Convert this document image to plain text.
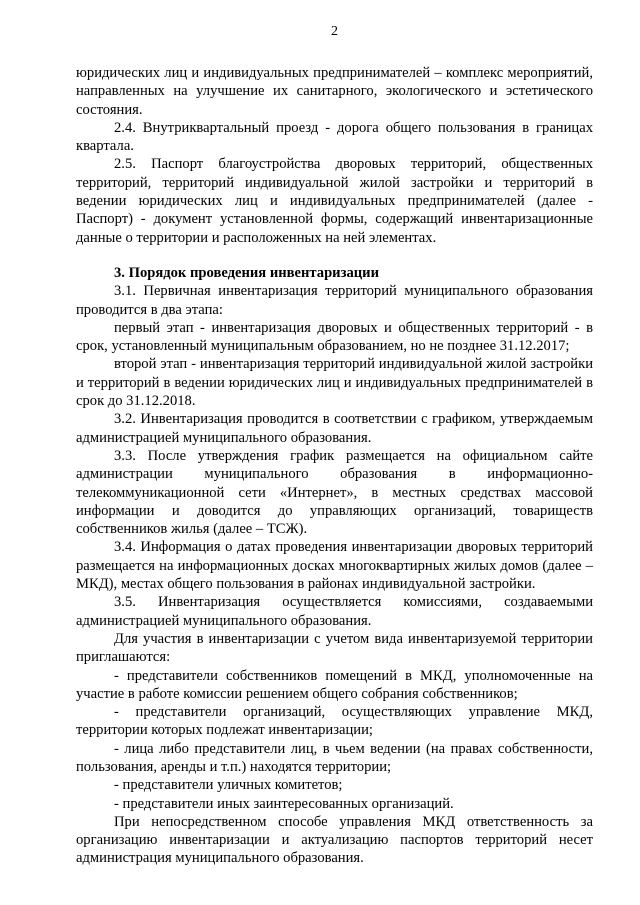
2

юридических лиц и индивидуальных предпринимателей – комплекс мероприятий, направленных на улучшение их санитарного, экологического и эстетического состояния.

2.4. Внутриквартальный проезд - дорога общего пользования в границах квартала.

2.5. Паспорт благоустройства дворовых территорий, общественных территорий, территорий индивидуальной жилой застройки и территорий в ведении юридических лиц и индивидуальных предпринимателей (далее - Паспорт) - документ установленной формы, содержащий инвентаризационные данные о территории и расположенных на ней элементах.

3. Порядок проведения инвентаризации

3.1. Первичная инвентаризация территорий муниципального образования проводится в два этапа:

первый этап - инвентаризация дворовых и общественных территорий - в срок, установленный муниципальным образованием, но не позднее 31.12.2017;

второй этап - инвентаризация территорий индивидуальной жилой застройки и территорий в ведении юридических лиц и индивидуальных предпринимателей в срок до 31.12.2018.

3.2. Инвентаризация проводится в соответствии с графиком, утверждаемым администрацией муниципального образования.

3.3. После утверждения график размещается на официальном сайте администрации муниципального образования в информационно-телекоммуникационной сети «Интернет», в местных средствах массовой информации и доводится до управляющих организаций, товариществ собственников жилья (далее – ТСЖ).

3.4. Информация о датах проведения инвентаризации дворовых территорий размещается на информационных досках многоквартирных жилых домов (далее – МКД), местах общего пользования в районах индивидуальной застройки.

3.5. Инвентаризация осуществляется комиссиями, создаваемыми администрацией муниципального образования.

Для участия в инвентаризации с учетом вида инвентаризуемой территории приглашаются:

- представители собственников помещений в МКД, уполномоченные на участие в работе комиссии решением общего собрания собственников;

- представители организаций, осуществляющих управление МКД, территории которых подлежат инвентаризации;

- лица либо представители лиц, в чьем ведении (на правах собственности, пользования, аренды и т.п.) находятся территории;

- представители уличных комитетов;

- представители иных заинтересованных организаций.

При непосредственном способе управления МКД ответственность за организацию инвентаризации и актуализацию паспортов территорий несет администрация муниципального образования.
